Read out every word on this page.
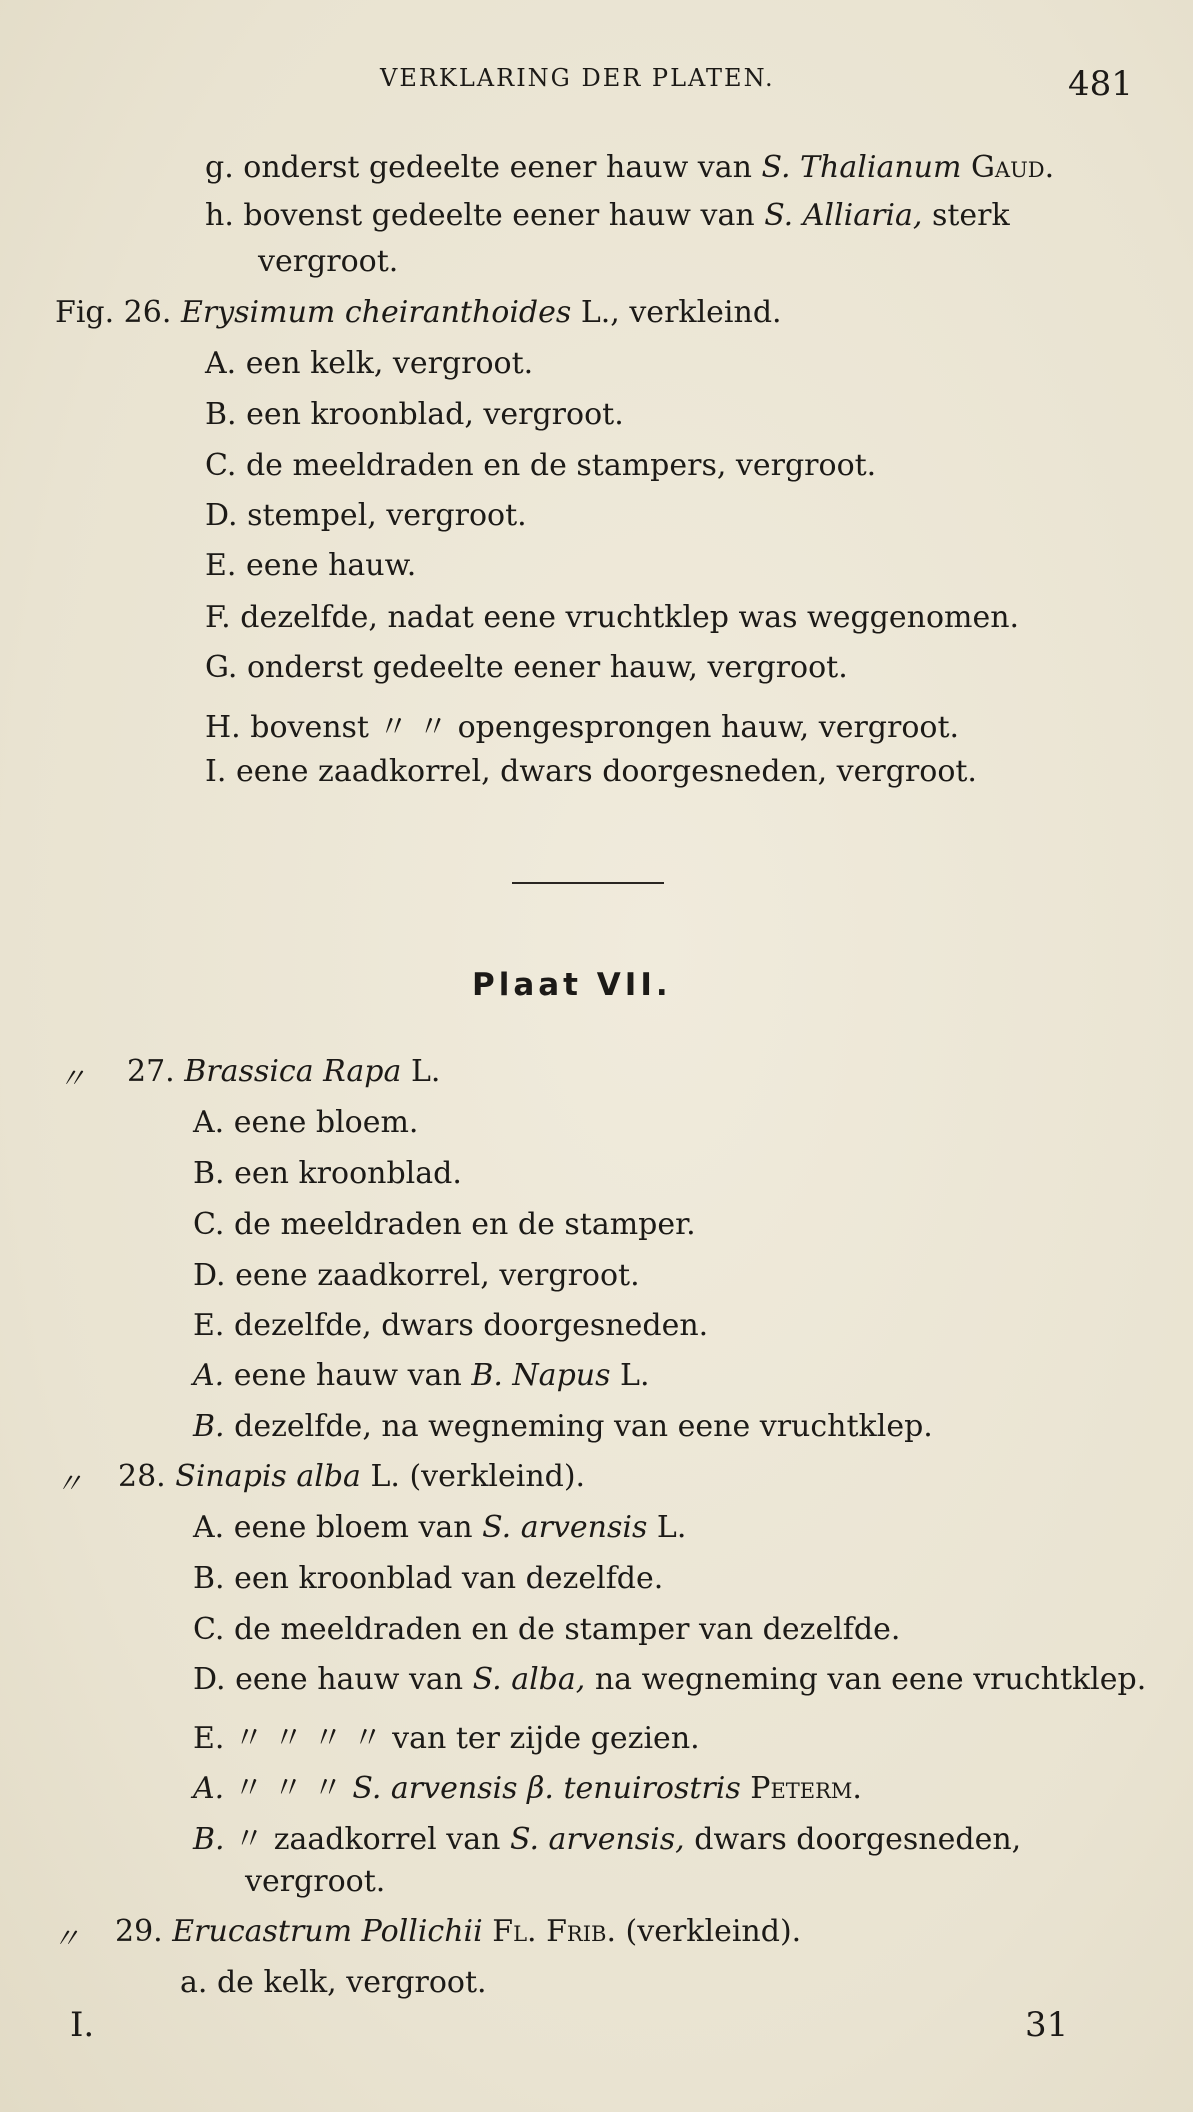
VERKLARING DER PLATEN.	481
g. onderst gedeelte eener hauw van S. Thalianum Gaud.
h. bovenst gedeelte eener hauw van S. Alliaria, sterk
vergroot.
Fig. 26. Erysimum cheiranthoides L., verkleind.
A. een kelk, vergroot.
B. een kroonblad, vergroot.
C. de meeldraden en de stampers, vergroot.
D. stempel, vergroot.
E. eene hauw.
F. dezelfde, nadat eene vruchtklep was weggenomen.
G. onderst gedeelte eener hauw, vergroot.
H. bovenst 〃 〃 opengesprongen hauw, vergroot.
I. eene zaadkorrel, dwars doorgesneden, vergroot.
Plaat VII.
〃 27. Brassica Rapa L.
A. eene bloem.
B. een kroonblad.
C. de meeldraden en de stamper.
D. eene zaadkorrel, vergroot.
E. dezelfde, dwars doorgesneden.
A. eene hauw van B. Napus L.
B. dezelfde, na wegneming van eene vruchtklep.
〃 28. Sinapis alba L. (verkleind).
A. eene bloem van S. arvensis L.
B. een kroonblad van dezelfde.
C. de meeldraden en de stamper van dezelfde.
D. eene hauw van S. alba, na wegneming van eene vruchtklep.
E. 〃 〃 〃 〃 van ter zijde gezien.
A. 〃 〃 〃 S. arvensis β. tenuirostris Peterm.
B. 〃 zaadkorrel van S. arvensis, dwars doorgesneden,
vergroot.
〃 29. Erucastrum Pollichii Fl. Frib. (verkleind).
a. de kelk, vergroot.
I.	31
